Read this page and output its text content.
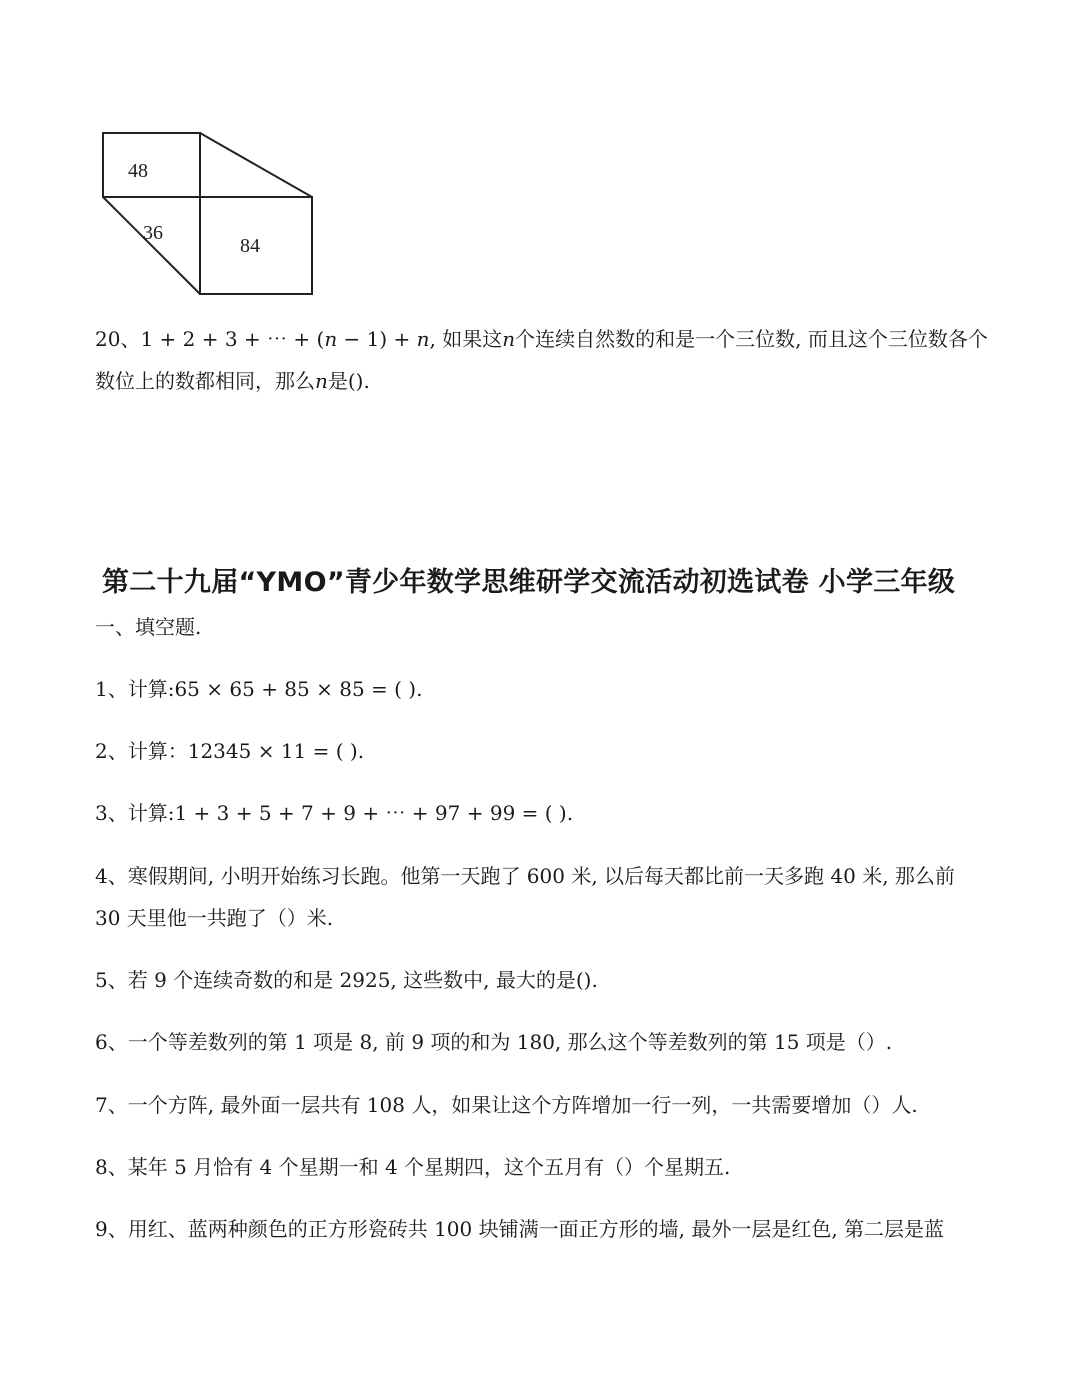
48
36
84
20、1 + 2 + 3 + ⋯ + (𝑛 − 1) + 𝑛, 如果这𝑛个连续自然数的和是一个三位数, 而且这个三位数各个
数位上的数都相同，那么𝑛是().
第二十九届“YMO”青少年数学思维研学交流活动初选试卷 小学三年级
一、填空题.
1、计算:65 × 65 + 85 × 85 = ( ).
2、计算：12345 × 11 = ( ).
3、计算:1 + 3 + 5 + 7 + 9 + ⋯ + 97 + 99 = ( ).
4、寒假期间, 小明开始练习长跑。他第一天跑了 600 米, 以后每天都比前一天多跑 40 米, 那么前
30 天里他一共跑了（）米.
5、若 9 个连续奇数的和是 2925, 这些数中, 最大的是().
6、一个等差数列的第 1 项是 8, 前 9 项的和为 180, 那么这个等差数列的第 15 项是（）.
7、一个方阵, 最外面一层共有 108 人，如果让这个方阵增加一行一列，一共需要增加（）人.
8、某年 5 月恰有 4 个星期一和 4 个星期四，这个五月有（）个星期五.
9、用红、蓝两种颜色的正方形瓷砖共 100 块铺满一面正方形的墙, 最外一层是红色, 第二层是蓝
